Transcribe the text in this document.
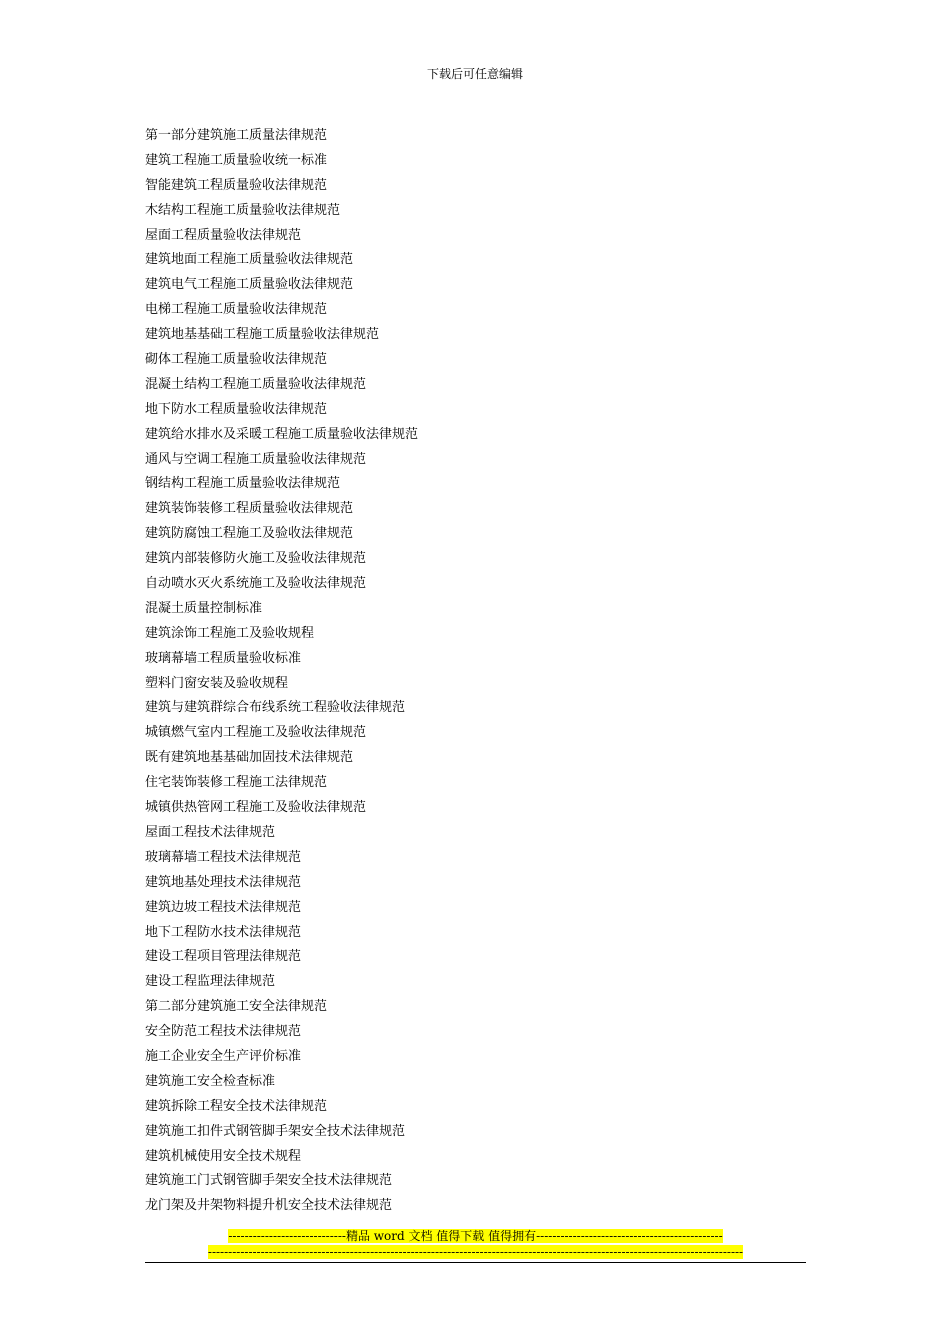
下载后可任意编辑
第一部分建筑施工质量法律规范
建筑工程施工质量验收统一标准
智能建筑工程质量验收法律规范
木结构工程施工质量验收法律规范
屋面工程质量验收法律规范
建筑地面工程施工质量验收法律规范
建筑电气工程施工质量验收法律规范
电梯工程施工质量验收法律规范
建筑地基基础工程施工质量验收法律规范
砌体工程施工质量验收法律规范
混凝土结构工程施工质量验收法律规范
地下防水工程质量验收法律规范
建筑给水排水及采暖工程施工质量验收法律规范
通风与空调工程施工质量验收法律规范
钢结构工程施工质量验收法律规范
建筑装饰装修工程质量验收法律规范
建筑防腐蚀工程施工及验收法律规范
建筑内部装修防火施工及验收法律规范
自动喷水灭火系统施工及验收法律规范
混凝土质量控制标准
建筑涂饰工程施工及验收规程
玻璃幕墙工程质量验收标准
塑料门窗安装及验收规程
建筑与建筑群综合布线系统工程验收法律规范
城镇燃气室内工程施工及验收法律规范
既有建筑地基基础加固技术法律规范
住宅装饰装修工程施工法律规范
城镇供热管网工程施工及验收法律规范
屋面工程技术法律规范
玻璃幕墙工程技术法律规范
建筑地基处理技术法律规范
建筑边坡工程技术法律规范
地下工程防水技术法律规范
建设工程项目管理法律规范
建设工程监理法律规范
第二部分建筑施工安全法律规范
安全防范工程技术法律规范
施工企业安全生产评价标准
建筑施工安全检查标准
建筑拆除工程安全技术法律规范
建筑施工扣件式钢管脚手架安全技术法律规范
建筑机械使用安全技术规程
建筑施工门式钢管脚手架安全技术法律规范
龙门架及井架物料提升机安全技术法律规范
-----------------------------精品 word 文档 值得下载 值得拥有----------------------------------------------
------------------------------------------------------------------------------------------------------------------------------------
